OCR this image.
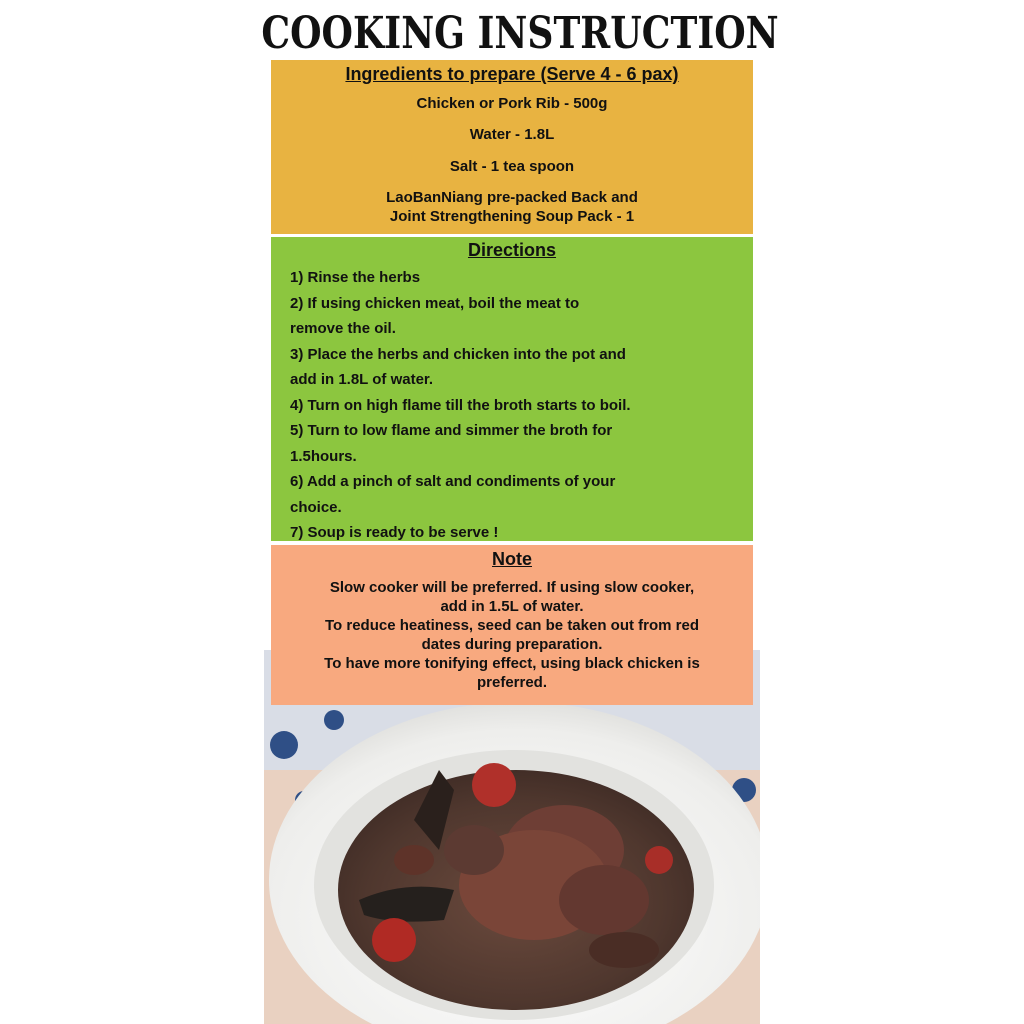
COOKING INSTRUCTION

Ingredients to prepare (Serve 4 - 6 pax)

Chicken or Pork Rib - 500g
Water - 1.8L
Salt - 1 tea spoon
LaoBanNiang pre-packed Back and
Joint Strengthening Soup Pack - 1

Directions

1) Rinse the herbs
2) If using chicken meat, boil the meat to
remove the oil.
3) Place the herbs and chicken into the pot and
add in 1.8L of water.
4) Turn on high flame till the broth starts to boil.
5) Turn to low flame and simmer the broth for
1.5hours.
6) Add a pinch of salt and condiments of your
choice.
7) Soup is ready to be serve !

Note

Slow cooker will be preferred. If using slow cooker,

add in 1.5L of water.

To reduce heatiness, seed can be taken out from red

dates during preparation.

To have more tonifying effect, using black chicken is

preferred.
